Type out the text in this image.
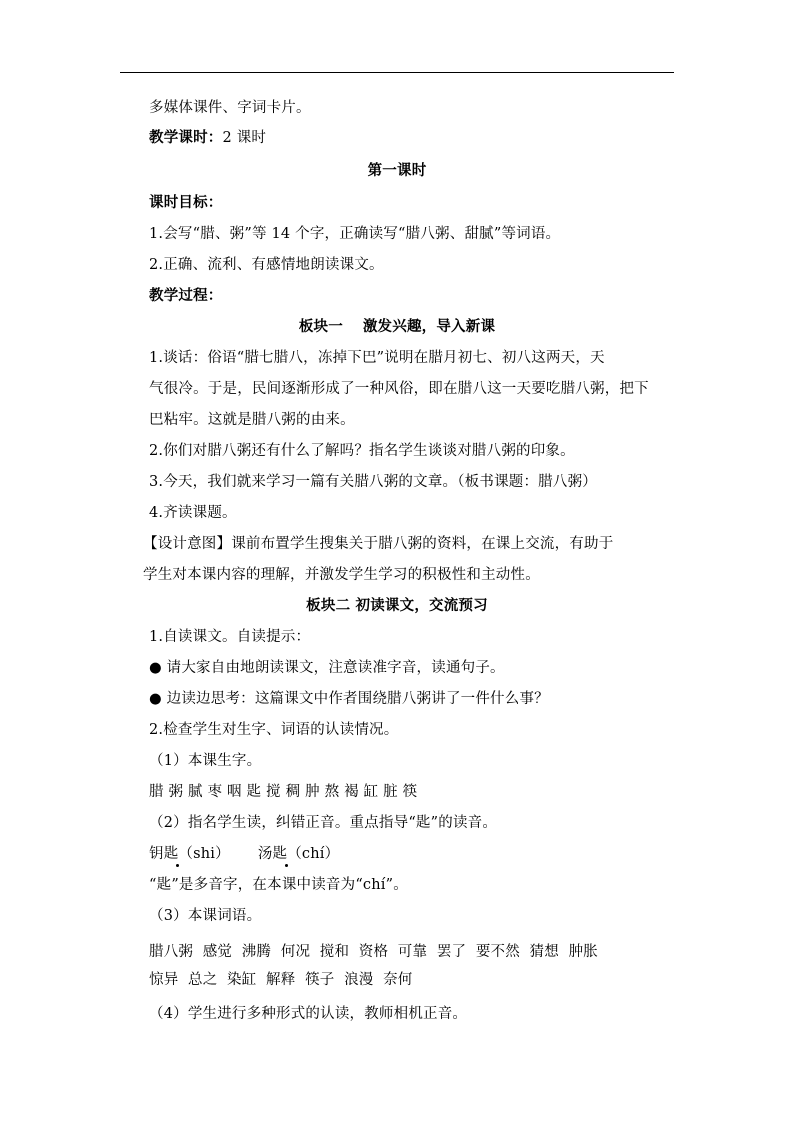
多媒体课件、字词卡片。
教学课时：2 课时
第一课时
课时目标：
1.会写“腊、粥”等 14 个字，正确读写“腊八粥、甜腻”等词语。
2.正确、流利、有感情地朗读课文。
教学过程：
板块一　 激发兴趣，导入新课
1.谈话：俗语“腊七腊八，冻掉下巴”说明在腊月初七、初八这两天，天
气很冷。于是，民间逐渐形成了一种风俗，即在腊八这一天要吃腊八粥，把下
巴粘牢。这就是腊八粥的由来。
2.你们对腊八粥还有什么了解吗？指名学生谈谈对腊八粥的印象。
3.今天，我们就来学习一篇有关腊八粥的文章。（板书课题：腊八粥）
4.齐读课题。
【设计意图】课前布置学生搜集关于腊八粥的资料，在课上交流，有助于
学生对本课内容的理解，并激发学生学习的积极性和主动性。
板块二 初读课文，交流预习
1.自读课文。自读提示：
● 请大家自由地朗读课文，注意读准字音，读通句子。
● 边读边思考：这篇课文中作者围绕腊八粥讲了一件什么事？
2.检查学生对生字、词语的认读情况。
（1）本课生字。
腊 粥 腻 枣 咽 匙 搅 稠 肿 熬 褐 缸 脏 筷
（2）指名学生读，纠错正音。重点指导“匙”的读音。
钥匙
（shi） 汤匙
（chí）
“匙”是多音字，在本课中读音为“chí”。
（3）本课词语。
腊八粥  感觉  沸腾  何况  搅和  资格  可靠  罢了  要不然  猜想  肿胀
惊异  总之  染缸  解释  筷子  浪漫  奈何
（4）学生进行多种形式的认读，教师相机正音。
